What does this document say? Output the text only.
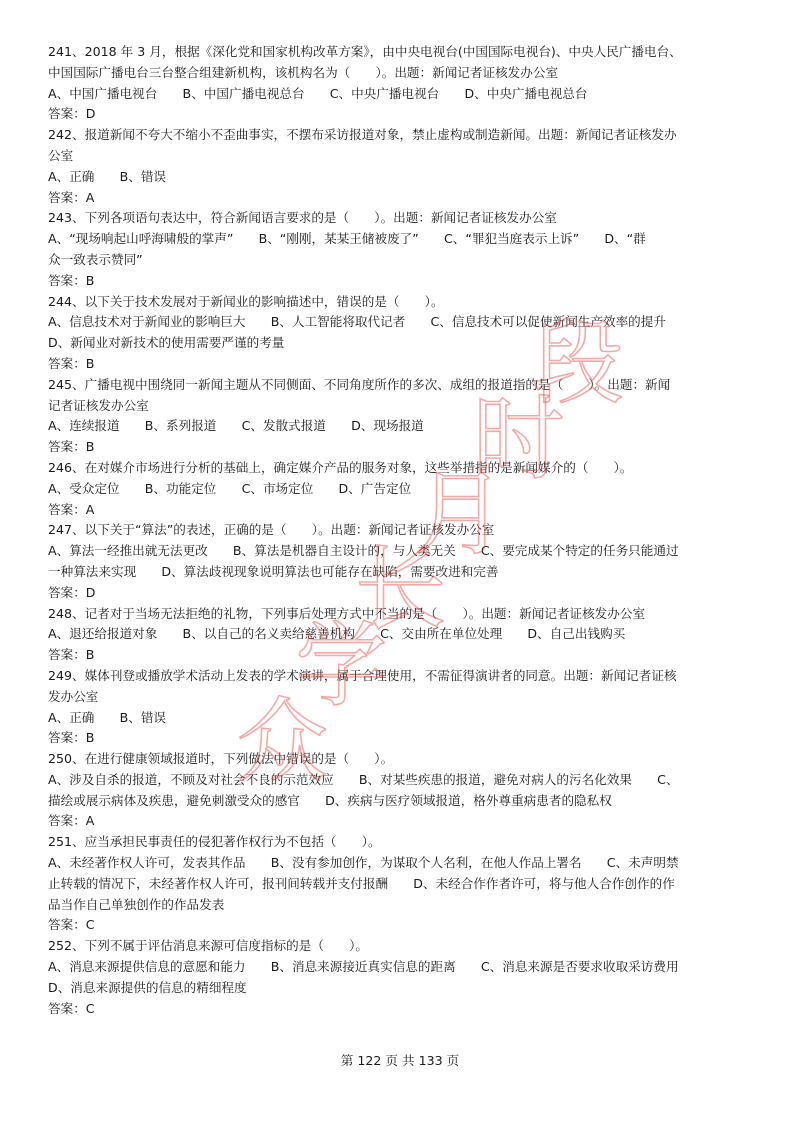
241、2018 年 3 月，根据《深化党和国家机构改革方案》，由中央电视台(中国国际电视台)、中央人民广播电台、
中国国际广播电台三台整合组建新机构，该机构名为（　　）。出题：新闻记者证核发办公室
A、中国广播电视台　　B、中国广播电视总台　　C、中央广播电视台　　D、中央广播电视总台
答案：D
242、报道新闻不夸大不缩小不歪曲事实，不摆布采访报道对象，禁止虚构或制造新闻。出题：新闻记者证核发办
公室
A、正确　　B、错误
答案：A
243、下列各项语句表达中，符合新闻语言要求的是（　　）。出题：新闻记者证核发办公室
A、“现场响起山呼海啸般的掌声”　　B、“刚刚，某某王储被废了”　　C、“罪犯当庭表示上诉”　　D、“群
众一致表示赞同”
答案：B
244、以下关于技术发展对于新闻业的影响描述中，错误的是（　　）。
A、信息技术对于新闻业的影响巨大　　B、人工智能将取代记者　　C、信息技术可以促使新闻生产效率的提升
D、新闻业对新技术的使用需要严谨的考量
答案：B
245、广播电视中围绕同一新闻主题从不同侧面、不同角度所作的多次、成组的报道指的是（　　）。出题：新闻
记者证核发办公室
A、连续报道　　B、系列报道　　C、发散式报道　　D、现场报道
答案：B
246、在对媒介市场进行分析的基础上，确定媒介产品的服务对象，这些举措指的是新闻媒介的（　　）。
A、受众定位　　B、功能定位　　C、市场定位　　D、广告定位
答案：A
247、以下关于“算法”的表述，正确的是（　　）。出题：新闻记者证核发办公室
A、算法一经推出就无法更改　　B、算法是机器自主设计的，与人类无关　　C、要完成某个特定的任务只能通过
一种算法来实现　　D、算法歧视现象说明算法也可能存在缺陷，需要改进和完善
答案：D
248、记者对于当场无法拒绝的礼物，下列事后处理方式中不当的是（　　）。出题：新闻记者证核发办公室
A、退还给报道对象　　B、以自己的名义卖给慈善机构　　C、交由所在单位处理　　D、自己出钱购买
答案：B
249、媒体刊登或播放学术活动上发表的学术演讲，属于合理使用，不需征得演讲者的同意。出题：新闻记者证核
发办公室
A、正确　　B、错误
答案：B
250、在进行健康领域报道时，下列做法中错误的是（　　）。
A、涉及自杀的报道，不顾及对社会不良的示范效应　　B、对某些疾患的报道，避免对病人的污名化效果　　C、
描绘或展示病体及疾患，避免刺激受众的感官　　D、疾病与医疗领域报道，格外尊重病患者的隐私权
答案：A
251、应当承担民事责任的侵犯著作权行为不包括（　　）。
A、未经著作权人许可，发表其作品　　B、没有参加创作，为谋取个人名利，在他人作品上署名　　C、未声明禁
止转载的情况下，未经著作权人许可，报刊间转载并支付报酬　　D、未经合作作者许可，将与他人合作创作的作
品当作自己单独创作的作品发表
答案：C
252、下列不属于评估消息来源可信度指标的是（　　）。
A、消息来源提供信息的意愿和能力　　B、消息来源接近真实信息的距离　　C、消息来源是否要求收取采访费用
D、消息来源提供的信息的精细程度
答案：C
众
学
长
月
时
段
第 122 页 共 133 页
